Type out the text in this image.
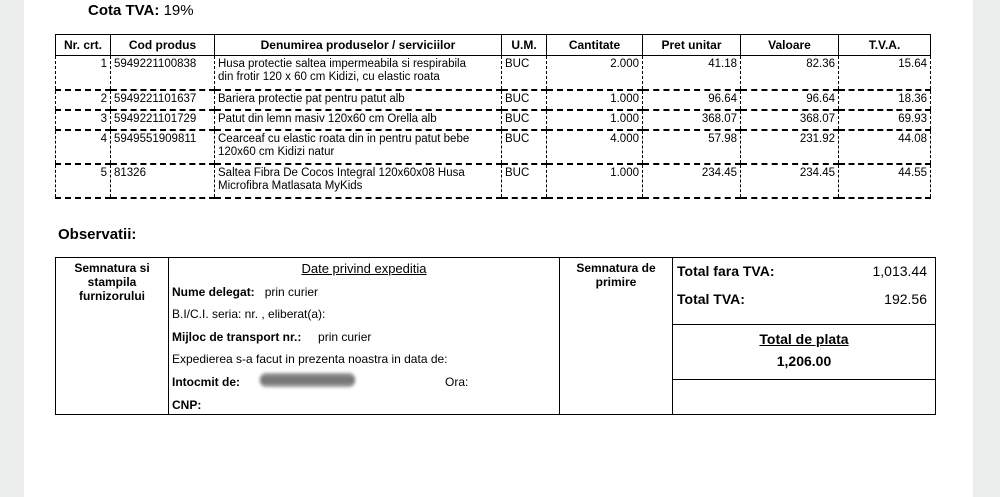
Cota TVA: 19%
Nr. crt.	Cod produs	Denumirea produselor / serviciilor	U.M.	Cantitate	Pret unitar	Valoare	T.V.A.
1	5949221100838	Husa protectie saltea impermeabila si respirabila
din frotir 120 x 60 cm Kidizi, cu elastic roata	BUC	2.000	41.18	82.36	15.64
2	5949221101637	Bariera protectie pat pentru patut alb	BUC	1.000	96.64	96.64	18.36
3	5949221101729	Patut din lemn masiv 120x60 cm Orella alb	BUC	1.000	368.07	368.07	69.93
4	5949551909811	Cearceaf cu elastic roata din in pentru patut bebe
120x60 cm Kidizi natur	BUC	4.000	57.98	231.92	44.08
5	81326	Saltea Fibra De Cocos Integral 120x60x08 Husa
Microfibra Matlasata MyKids	BUC	1.000	234.45	234.45	44.55
Observatii:
Semnatura si
stampila
furnizorului
Date privind expeditia
Nume delegat: prin curier
B.I/C.I. seria: nr. , eliberat(a):
Mijloc de transport nr.: prin curier
Expedierea s-a facut in prezenta noastra in data de:
Intocmit de:	Ora:
CNP:
Semnatura de
primire
Total fara TVA:	1,013.44
Total TVA:	192.56
Total de plata
1,206.00
